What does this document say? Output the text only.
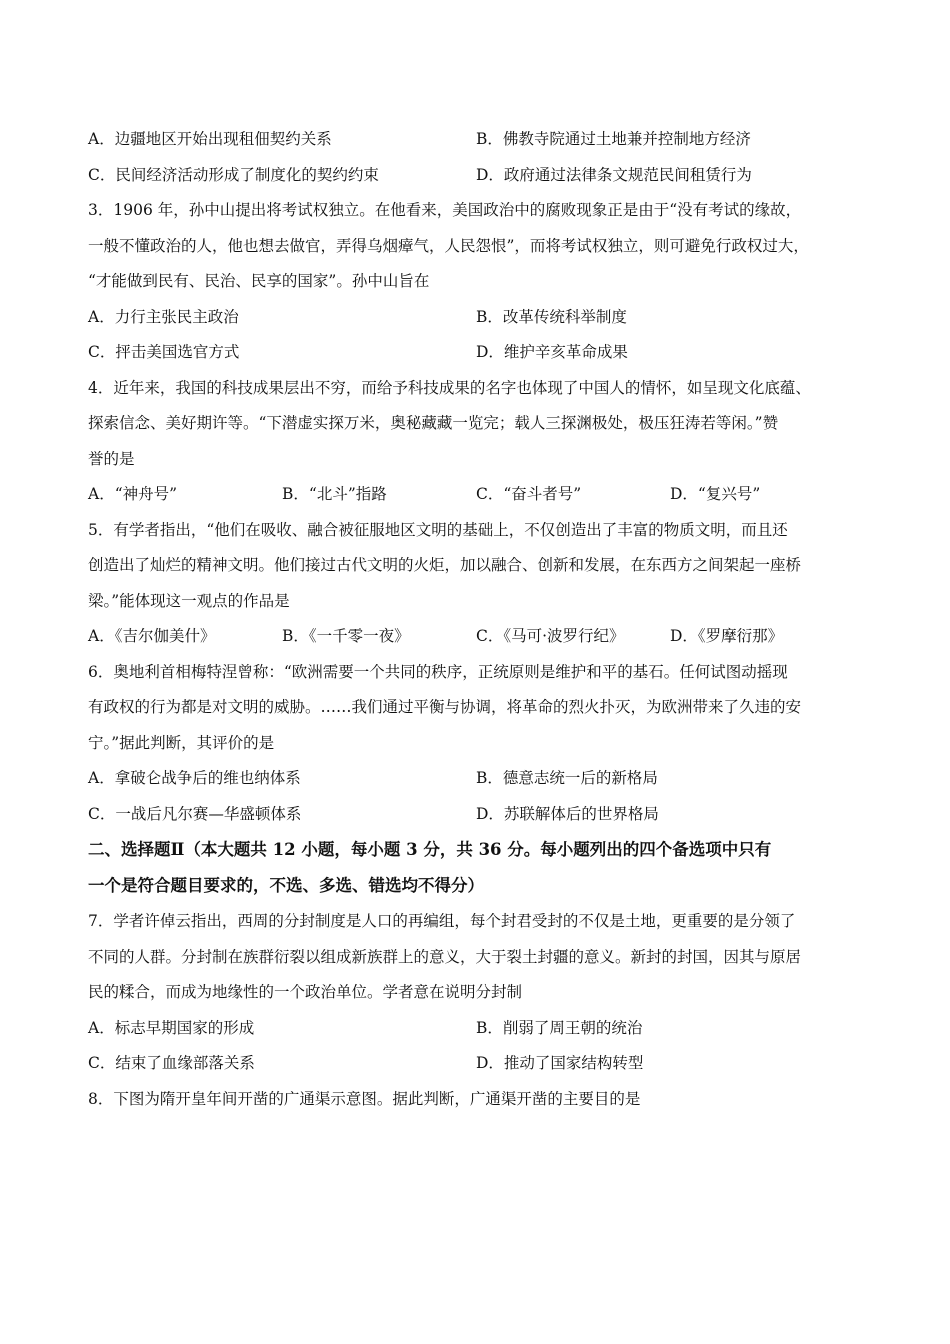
A．边疆地区开始出现租佃契约关系	B．佛教寺院通过土地兼并控制地方经济
C．民间经济活动形成了制度化的契约约束	D．政府通过法律条文规范民间租赁行为
3．1906 年，孙中山提出将考试权独立。在他看来，美国政治中的腐败现象正是由于“没有考试的缘故，
一般不懂政治的人，他也想去做官，弄得乌烟瘴气，人民怨恨”，而将考试权独立，则可避免行政权过大，
“才能做到民有、民治、民享的国家”。孙中山旨在
A．力行主张民主政治	B．改革传统科举制度
C．抨击美国选官方式	D．维护辛亥革命成果
4．近年来，我国的科技成果层出不穷，而给予科技成果的名字也体现了中国人的情怀，如呈现文化底蕴、
探索信念、美好期许等。“下潜虚实探万米，奥秘藏藏一览完；载人三探渊极处，极压狂涛若等闲。”赞
誉的是
A．“神舟号”	B．“北斗”指路	C．“奋斗者号”	D．“复兴号”
5．有学者指出，“他们在吸收、融合被征服地区文明的基础上，不仅创造出了丰富的物质文明，而且还
创造出了灿烂的精神文明。他们接过古代文明的火炬，加以融合、创新和发展，在东西方之间架起一座桥
梁。”能体现这一观点的作品是
A．《吉尔伽美什》	B．《一千零一夜》	C．《马可·波罗行纪》	D．《罗摩衍那》
6．奥地利首相梅特涅曾称：“欧洲需要一个共同的秩序，正统原则是维护和平的基石。任何试图动摇现
有政权的行为都是对文明的威胁。……我们通过平衡与协调，将革命的烈火扑灭，为欧洲带来了久违的安
宁。”据此判断，其评价的是
A．拿破仑战争后的维也纳体系	B．德意志统一后的新格局
C．一战后凡尔赛—华盛顿体系	D．苏联解体后的世界格局
二、选择题Ⅱ（本大题共 12 小题，每小题 3 分，共 36 分。每小题列出的四个备选项中只有
一个是符合题目要求的，不选、多选、错选均不得分）
7．学者许倬云指出，西周的分封制度是人口的再编组，每个封君受封的不仅是土地，更重要的是分领了
不同的人群。分封制在族群衍裂以组成新族群上的意义，大于裂土封疆的意义。新封的封国，因其与原居
民的糅合，而成为地缘性的一个政治单位。学者意在说明分封制
A．标志早期国家的形成	B．削弱了周王朝的统治
C．结束了血缘部落关系	D．推动了国家结构转型
8．下图为隋开皇年间开凿的广通渠示意图。据此判断，广通渠开凿的主要目的是
